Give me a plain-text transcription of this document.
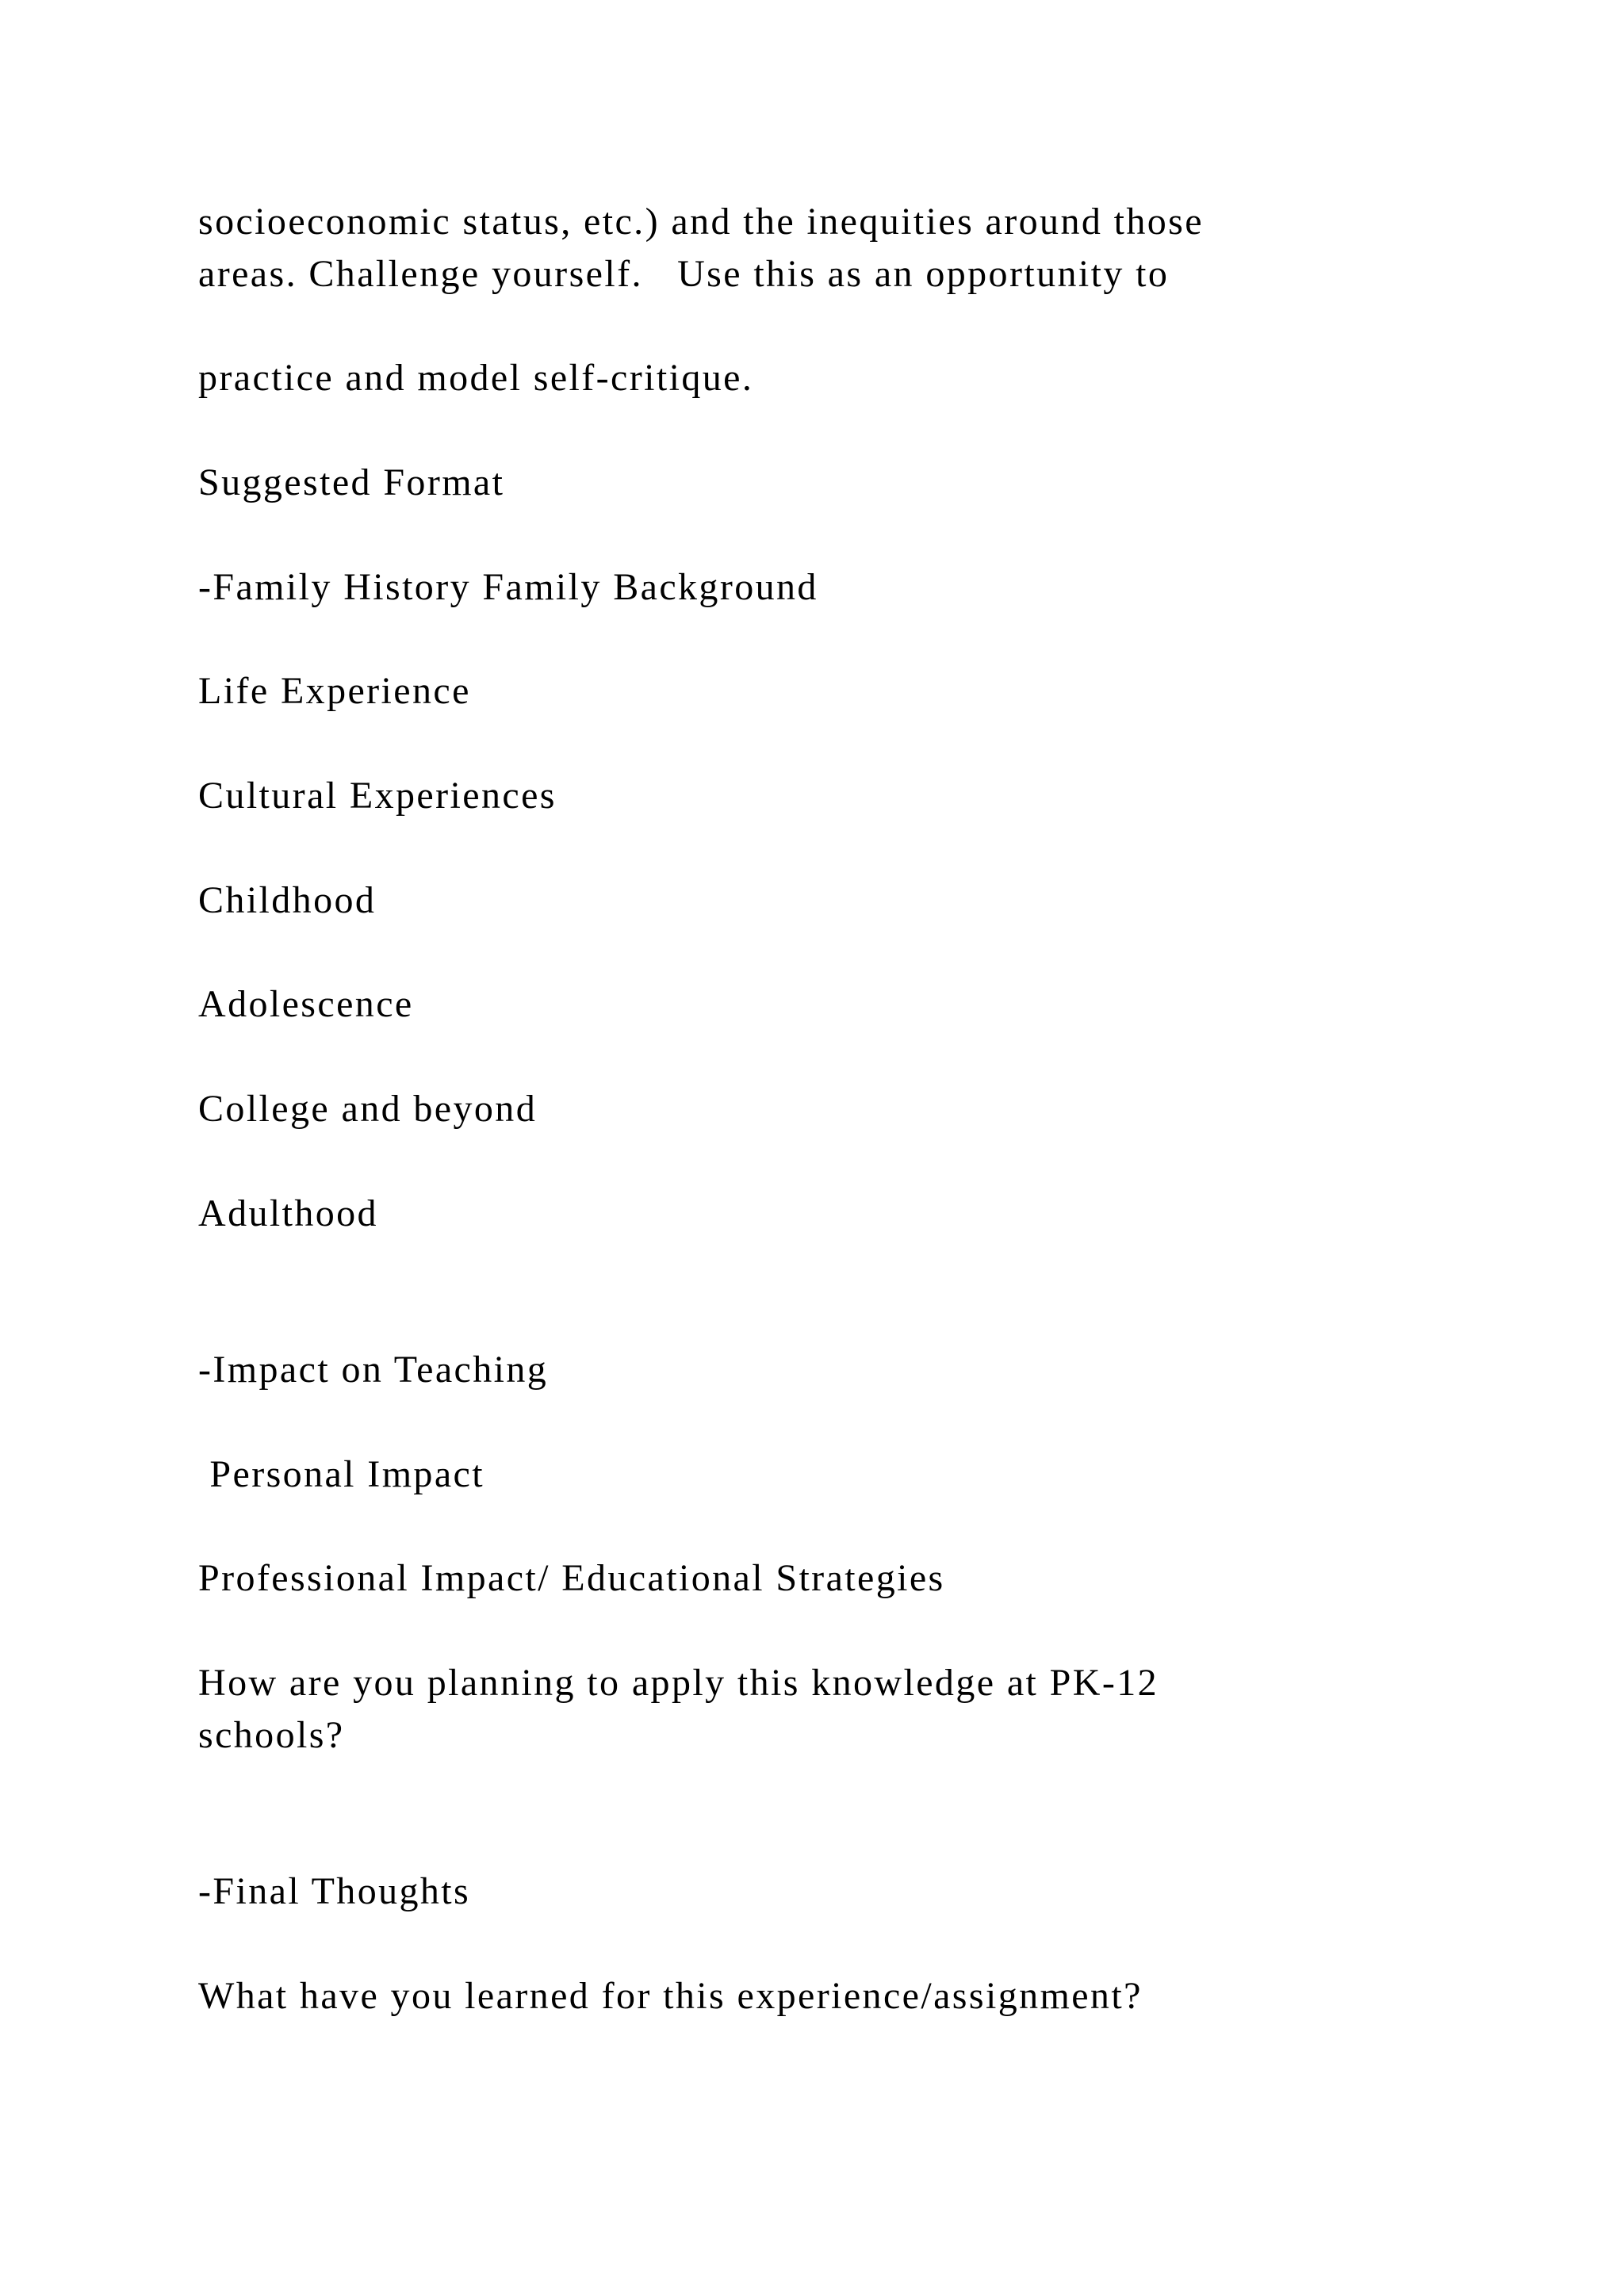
socioeconomic status, etc.) and the inequities around those

areas. Challenge yourself.   Use this as an opportunity to

practice and model self-critique.

Suggested Format

-Family History Family Background

Life Experience

Cultural Experiences

Childhood

Adolescence

College and beyond

Adulthood

-Impact on Teaching

Personal Impact

Professional Impact/ Educational Strategies

How are you planning to apply this knowledge at PK-12

schools?

-Final Thoughts

What have you learned for this experience/assignment?
